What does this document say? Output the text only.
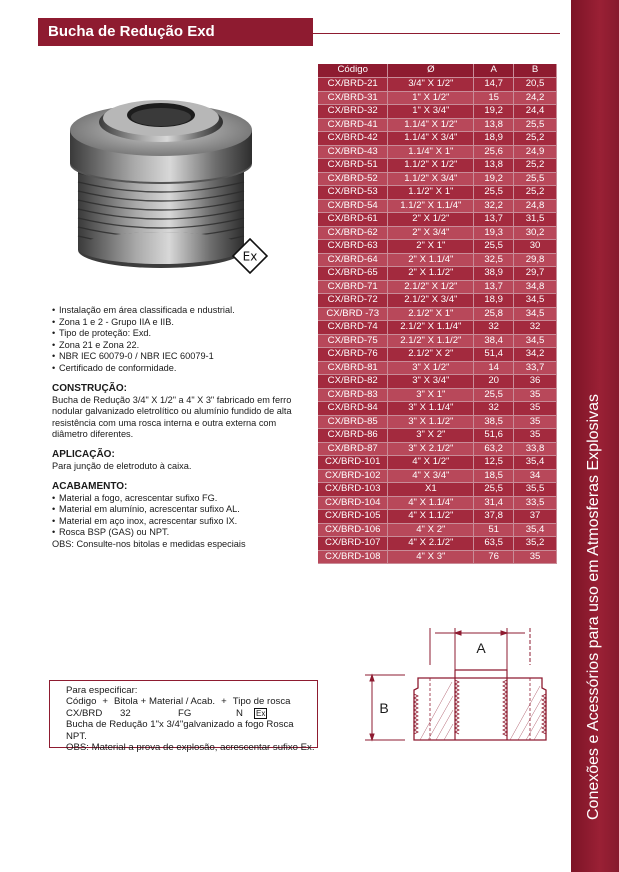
Bucha de Redução Exd
Conexões e Acessórios para uso em Atmosferas Explosivas
Ex
• Instalação em área classificada e ndustrial.
• Zona 1 e 2 - Grupo IIA e IIB.
• Tipo de proteção: Exd.
• Zona 21 e Zona 22.
• NBR IEC 60079-0 / NBR IEC 60079-1
• Certificado de conformidade.
CONSTRUÇÃO:
Bucha de Redução 3/4" X 1/2" a 4" X 3" fabricado em ferro nodular galvanizado eletrolítico ou alumínio fundido de alta resistência com uma rosca interna e outra externa com diâmetro diferentes.
APLICAÇÃO:
Para junção de eletroduto à caixa.
ACABAMENTO:
• Material a fogo, acrescentar sufixo FG.
• Material em alumínio, acrescentar sufixo AL.
• Material em aço inox, acrescentar sufixo IX.
• Rosca BSP (GAS) ou NPT.
OBS: Consulte-nos bitolas e medidas especiais
Código	Ø	A	B
CX/BRD-21	3/4" X 1/2"	14,7	20,5
CX/BRD-31	1" X 1/2"	15	24,2
CX/BRD-32	1" X 3/4"	19,2	24,4
CX/BRD-41	1.1/4" X 1/2"	13,8	25,5
CX/BRD-42	1.1/4" X 3/4"	18,9	25,2
CX/BRD-43	1.1/4" X 1"	25,6	24,9
CX/BRD-51	1.1/2" X 1/2"	13,8	25,2
CX/BRD-52	1.1/2" X 3/4"	19,2	25,5
CX/BRD-53	1.1/2" X 1"	25,5	25,2
CX/BRD-54	1.1/2" X 1.1/4"	32,2	24,8
CX/BRD-61	2" X 1/2"	13,7	31,5
CX/BRD-62	2" X 3/4"	19,3	30,2
CX/BRD-63	2" X 1"	25,5	30
CX/BRD-64	2" X 1.1/4"	32,5	29,8
CX/BRD-65	2" X 1.1/2"	38,9	29,7
CX/BRD-71	2.1/2" X 1/2"	13,7	34,8
CX/BRD-72	2.1/2" X 3/4"	18,9	34,5
CX/BRD -73	2.1/2" X 1"	25,8	34,5
CX/BRD-74	2.1/2" X 1.1/4"	32	32
CX/BRD-75	2.1/2" X 1.1/2"	38,4	34,5
CX/BRD-76	2.1/2" X 2"	51,4	34,2
CX/BRD-81	3" X 1/2"	14	33,7
CX/BRD-82	3" X 3/4"	20	36
CX/BRD-83	3" X 1"	25,5	35
CX/BRD-84	3" X 1.1/4"	32	35
CX/BRD-85	3" X 1.1/2"	38,5	35
CX/BRD-86	3" X 2"	51,6	35
CX/BRD-87	3" X 2.1/2"	63,2	33,8
CX/BRD-101	4" X 1/2"	12,5	35,4
CX/BRD-102	4" X 3/4"	18,5	34
CX/BRD-103	X1	25,5	35,5
CX/BRD-104	4" X 1.1/4"	31,4	33,5
CX/BRD-105	4" X 1.1/2"	37,8	37
CX/BRD-106	4" X 2"	51	35,4
CX/BRD-107	4" X 2.1/2"	63,5	35,2
CX/BRD-108	4" X 3"	76	35
A
B
Para especificar:
Código + Bitola + Material / Acab. + Tipo de rosca
CX/BRD	32	FG	N	Ex
Bucha de Redução 1"x 3/4"galvanizado a fogo Rosca NPT.
OBS: Material a prova de explosão, acrescentar sufixo Ex.
